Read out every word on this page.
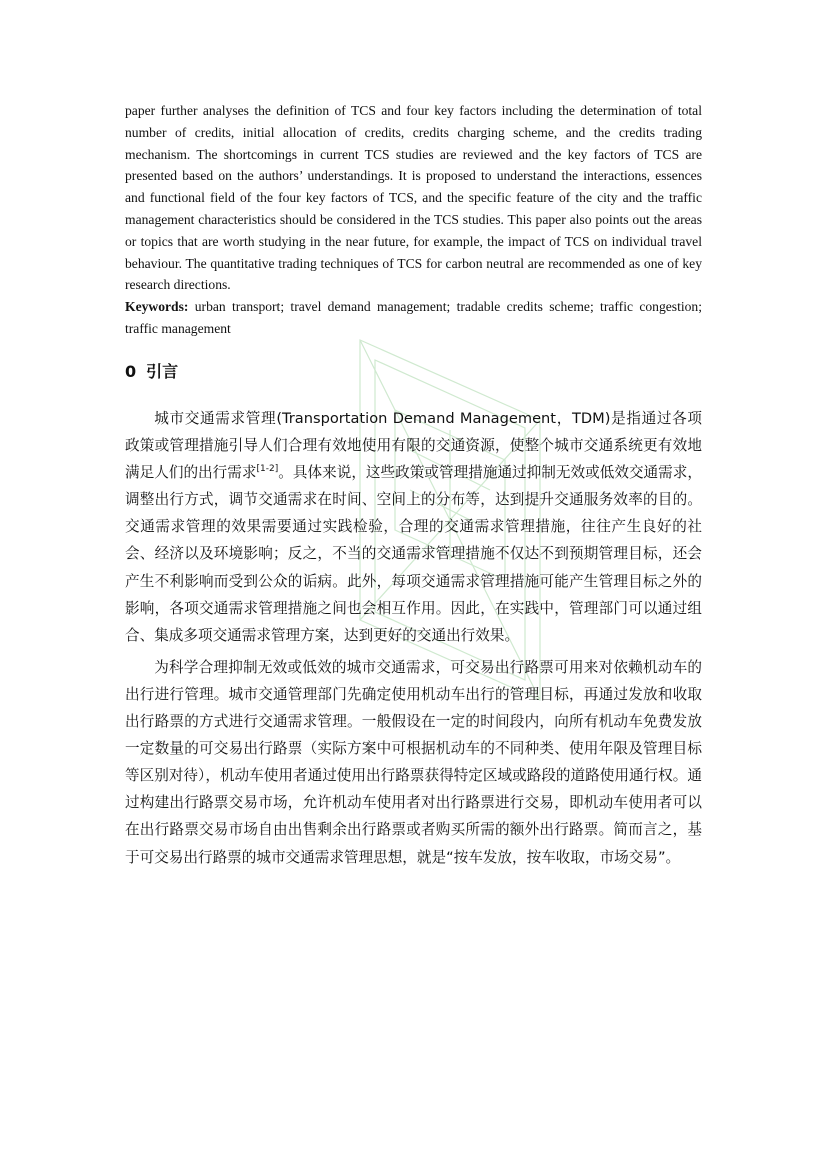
paper further analyses the definition of TCS and four key factors including the determination of total number of credits, initial allocation of credits, credits charging scheme, and the credits trading mechanism. The shortcomings in current TCS studies are reviewed and the key factors of TCS are presented based on the authors’ understandings. It is proposed to understand the interactions, essences and functional field of the four key factors of TCS, and the specific feature of the city and the traffic management characteristics should be considered in the TCS studies. This paper also points out the areas or topics that are worth studying in the near future, for example, the impact of TCS on individual travel behaviour. The quantitative trading techniques of TCS for carbon neutral are recommended as one of key research directions.

Keywords: urban transport; travel demand management; tradable credits scheme; traffic congestion; traffic management

0 引言

城市交通需求管理(Transportation Demand Management，TDM)是指通过各项政策或管理措施引导人们合理有效地使用有限的交通资源，使整个城市交通系统更有效地满足人们的出行需求[1-2]。具体来说，这些政策或管理措施通过抑制无效或低效交通需求，调整出行方式，调节交通需求在时间、空间上的分布等，达到提升交通服务效率的目的。交通需求管理的效果需要通过实践检验，合理的交通需求管理措施，往往产生良好的社会、经济以及环境影响；反之，不当的交通需求管理措施不仅达不到预期管理目标，还会产生不利影响而受到公众的诟病。此外，每项交通需求管理措施可能产生管理目标之外的影响，各项交通需求管理措施之间也会相互作用。因此，在实践中，管理部门可以通过组合、集成多项交通需求管理方案，达到更好的交通出行效果。

为科学合理抑制无效或低效的城市交通需求，可交易出行路票可用来对依赖机动车的出行进行管理。城市交通管理部门先确定使用机动车出行的管理目标，再通过发放和收取出行路票的方式进行交通需求管理。一般假设在一定的时间段内，向所有机动车免费发放一定数量的可交易出行路票（实际方案中可根据机动车的不同种类、使用年限及管理目标等区别对待），机动车使用者通过使用出行路票获得特定区域或路段的道路使用通行权。通过构建出行路票交易市场，允许机动车使用者对出行路票进行交易，即机动车使用者可以在出行路票交易市场自由出售剩余出行路票或者购买所需的额外出行路票。简而言之，基于可交易出行路票的城市交通需求管理思想，就是“按车发放，按车收取，市场交易”。
